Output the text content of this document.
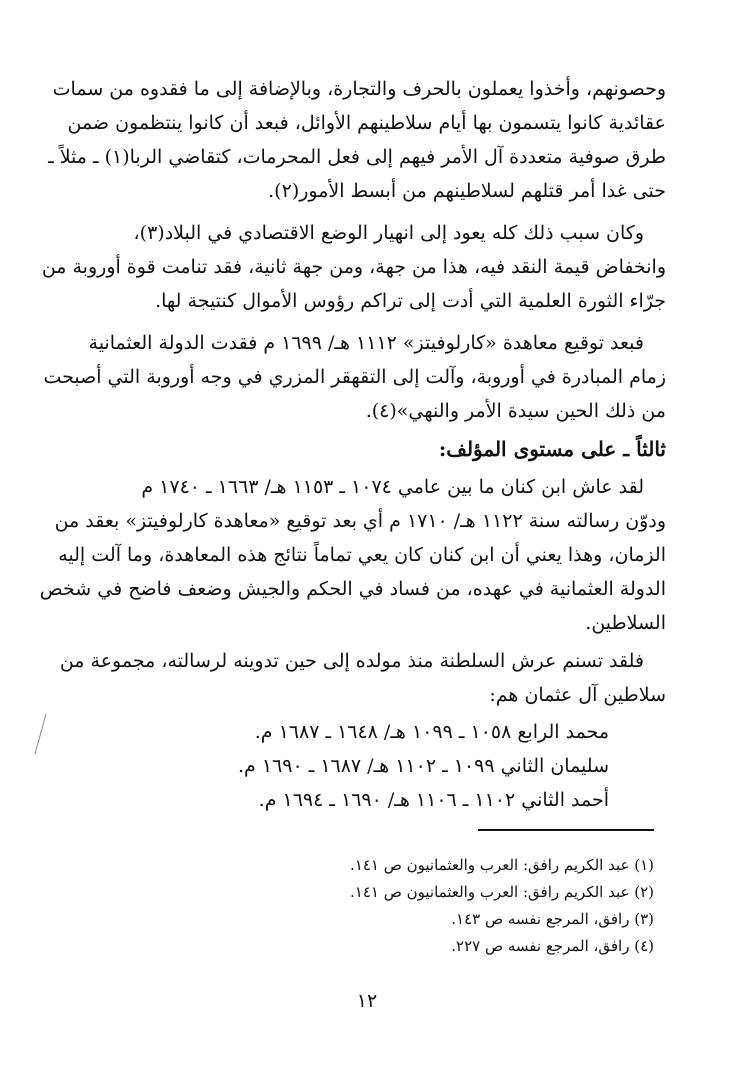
وحصونهم، وأخذوا يعملون بالحرف والتجارة، وبالإضافة إلى ما فقدوه من سمات
عقائدية كانوا يتسمون بها أيام سلاطينهم الأوائل، فبعد أن كانوا ينتظمون ضمن
طرق صوفية متعددة آل الأمر فيهم إلى فعل المحرمات، كتقاضي الربا(١) ـ مثلاً ـ
حتى غدا أمر قتلهم لسلاطينهم من أبسط الأمور(٢).
وكان سبب ذلك كله يعود إلى انهيار الوضع الاقتصادي في البلاد(٣)،
وانخفاض قيمة النقد فيه، هذا من جهة، ومن جهة ثانية، فقد تنامت قوة أوروبة من
جرّاء الثورة العلمية التي أدت إلى تراكم رؤوس الأموال كنتيجة لها.
فبعد توقيع معاهدة «كارلوفيتز» ١١١٢ هـ/ ١٦٩٩ م فقدت الدولة العثمانية
زمام المبادرة في أوروبة، وآلت إلى التقهقر المزري في وجه أوروبة التي أصبحت
من ذلك الحين سيدة الأمر والنهي»(٤).
ثالثاً ـ على مستوى المؤلف:
لقد عاش ابن كنان ما بين عامي ١٠٧٤ ـ ١١٥٣ هـ/ ١٦٦٣ ـ ١٧٤٠ م
ودوّن رسالته سنة ١١٢٢ هـ/ ١٧١٠ م أي بعد توقيع «معاهدة كارلوفيتز» بعقد من
الزمان، وهذا يعني أن ابن كنان كان يعي تماماً نتائج هذه المعاهدة، وما آلت إليه
الدولة العثمانية في عهده، من فساد في الحكم والجيش وضعف فاضح في شخص
السلاطين.
فلقد تسنم عرش السلطنة منذ مولده إلى حين تدوينه لرسالته، مجموعة من
سلاطين آل عثمان هم:
محمد الرابع ١٠٥٨ ـ ١٠٩٩ هـ/ ١٦٤٨ ـ ١٦٨٧ م.
سليمان الثاني ١٠٩٩ ـ ١١٠٢ هـ/ ١٦٨٧ ـ ١٦٩٠ م.
أحمد الثاني ١١٠٢ ـ ١١٠٦ هـ/ ١٦٩٠ ـ ١٦٩٤ م.
(١) عبد الكريم رافق: العرب والعثمانيون ص ١٤١.
(٢) عبد الكريم رافق: العرب والعثمانيون ص ١٤١.
(٣) رافق، المرجع نفسه ص ١٤٣.
(٤) رافق، المرجع نفسه ص ٢٢٧.
١٢
